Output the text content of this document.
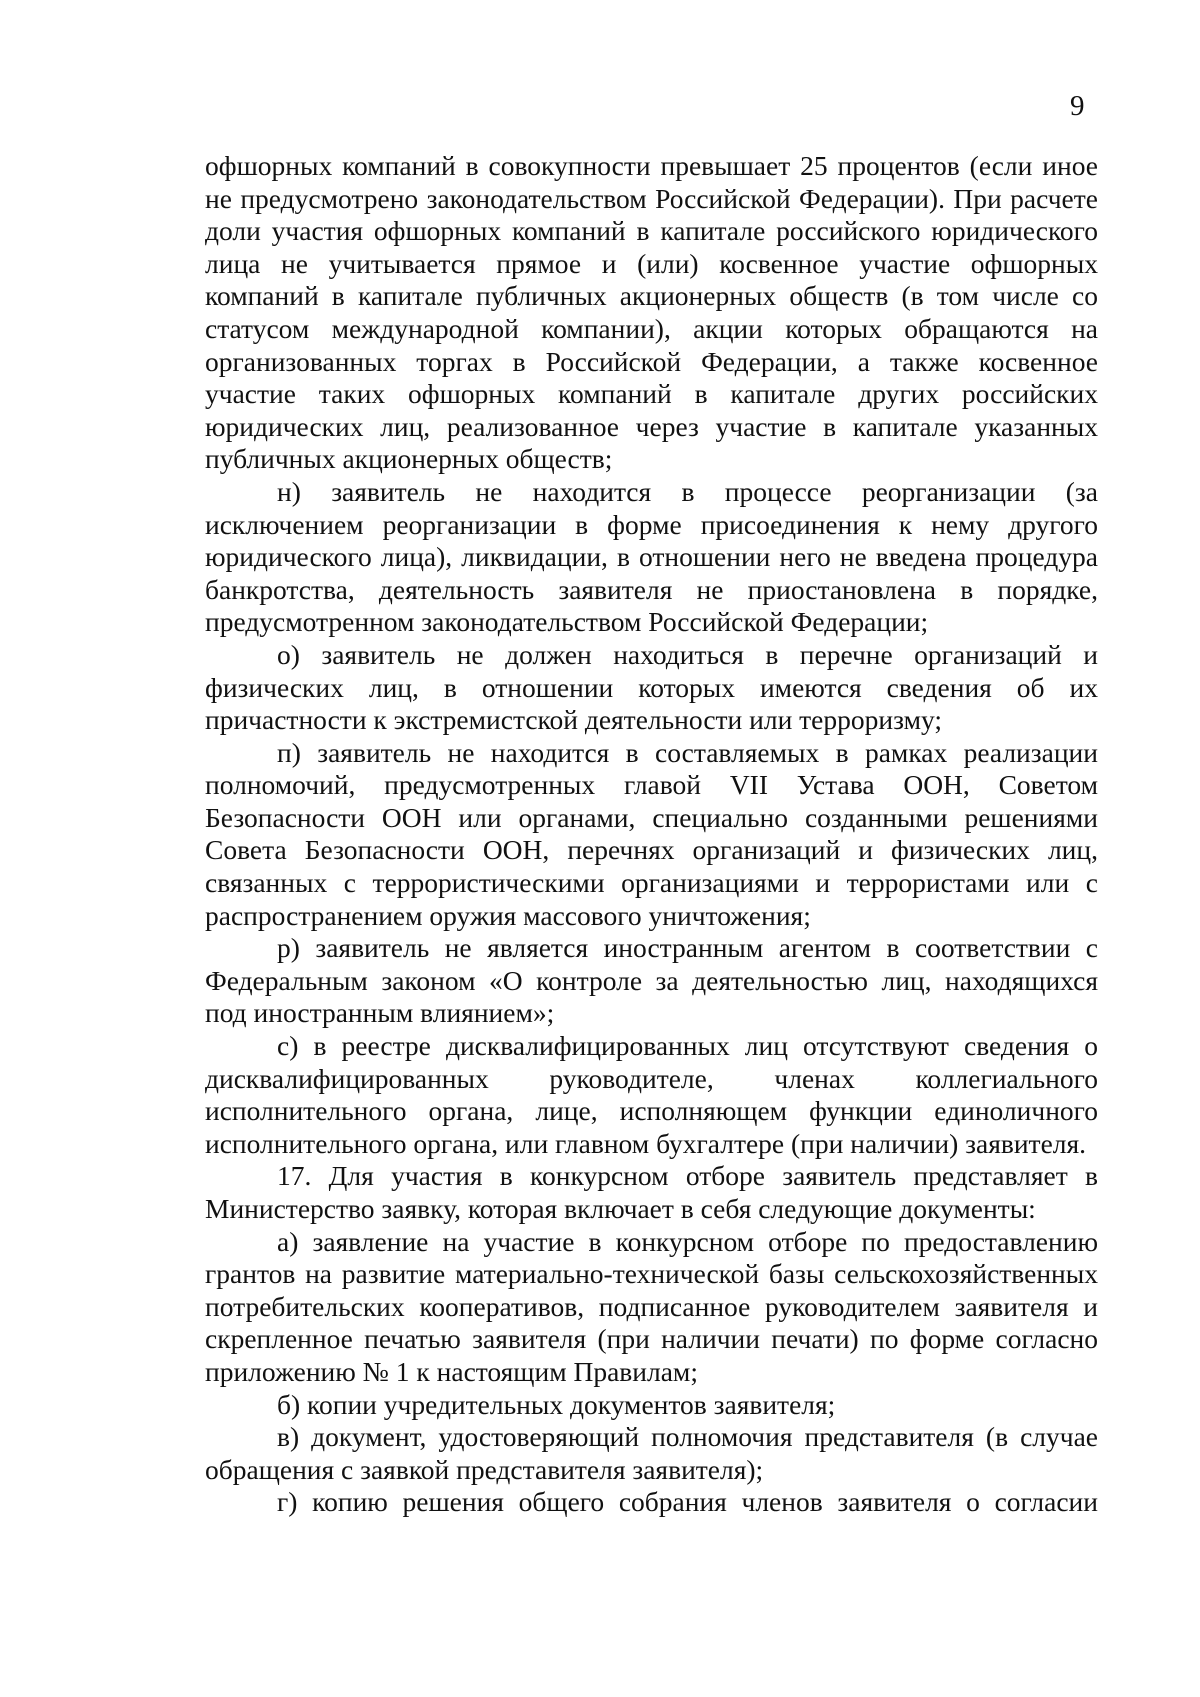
9

офшорных компаний в совокупности превышает 25 процентов (если иное не предусмотрено законодательством Российской Федерации). При расчете доли участия офшорных компаний в капитале российского юридического лица не учитывается прямое и (или) косвенное участие офшорных компаний в капитале публичных акционерных обществ (в том числе со статусом международной компании), акции которых обращаются на организованных торгах в Российской Федерации, а также косвенное участие таких офшорных компаний в капитале других российских юридических лиц, реализованное через участие в капитале указанных публичных акционерных обществ;

н) заявитель не находится в процессе реорганизации (за исключением реорганизации в форме присоединения к нему другого юридического лица), ликвидации, в отношении него не введена процедура банкротства, деятельность заявителя не приостановлена в порядке, предусмотренном законодательством Российской Федерации;

о) заявитель не должен находиться в перечне организаций и физических лиц, в отношении которых имеются сведения об их причастности к экстремистской деятельности или терроризму;

п) заявитель не находится в составляемых в рамках реализации полномочий, предусмотренных главой VII Устава ООН, Советом Безопасности ООН или органами, специально созданными решениями Совета Безопасности ООН, перечнях организаций и физических лиц, связанных с террористическими организациями и террористами или с распространением оружия массового уничтожения;

р) заявитель не является иностранным агентом в соответствии с Федеральным законом «О контроле за деятельностью лиц, находящихся под иностранным влиянием»;

с) в реестре дисквалифицированных лиц отсутствуют сведения о дисквалифицированных руководителе, членах коллегиального исполнительного органа, лице, исполняющем функции единоличного исполнительного органа, или главном бухгалтере (при наличии) заявителя.

17. Для участия в конкурсном отборе заявитель представляет в Министерство заявку, которая включает в себя следующие документы:

а) заявление на участие в конкурсном отборе по предоставлению грантов на развитие материально-технической базы сельскохозяйственных потребительских кооперативов, подписанное руководителем заявителя и скрепленное печатью заявителя (при наличии печати) по форме согласно приложению № 1 к настоящим Правилам;

б) копии учредительных документов заявителя;

в) документ, удостоверяющий полномочия представителя (в случае обращения с заявкой представителя заявителя);

г) копию решения общего собрания членов заявителя о согласии
